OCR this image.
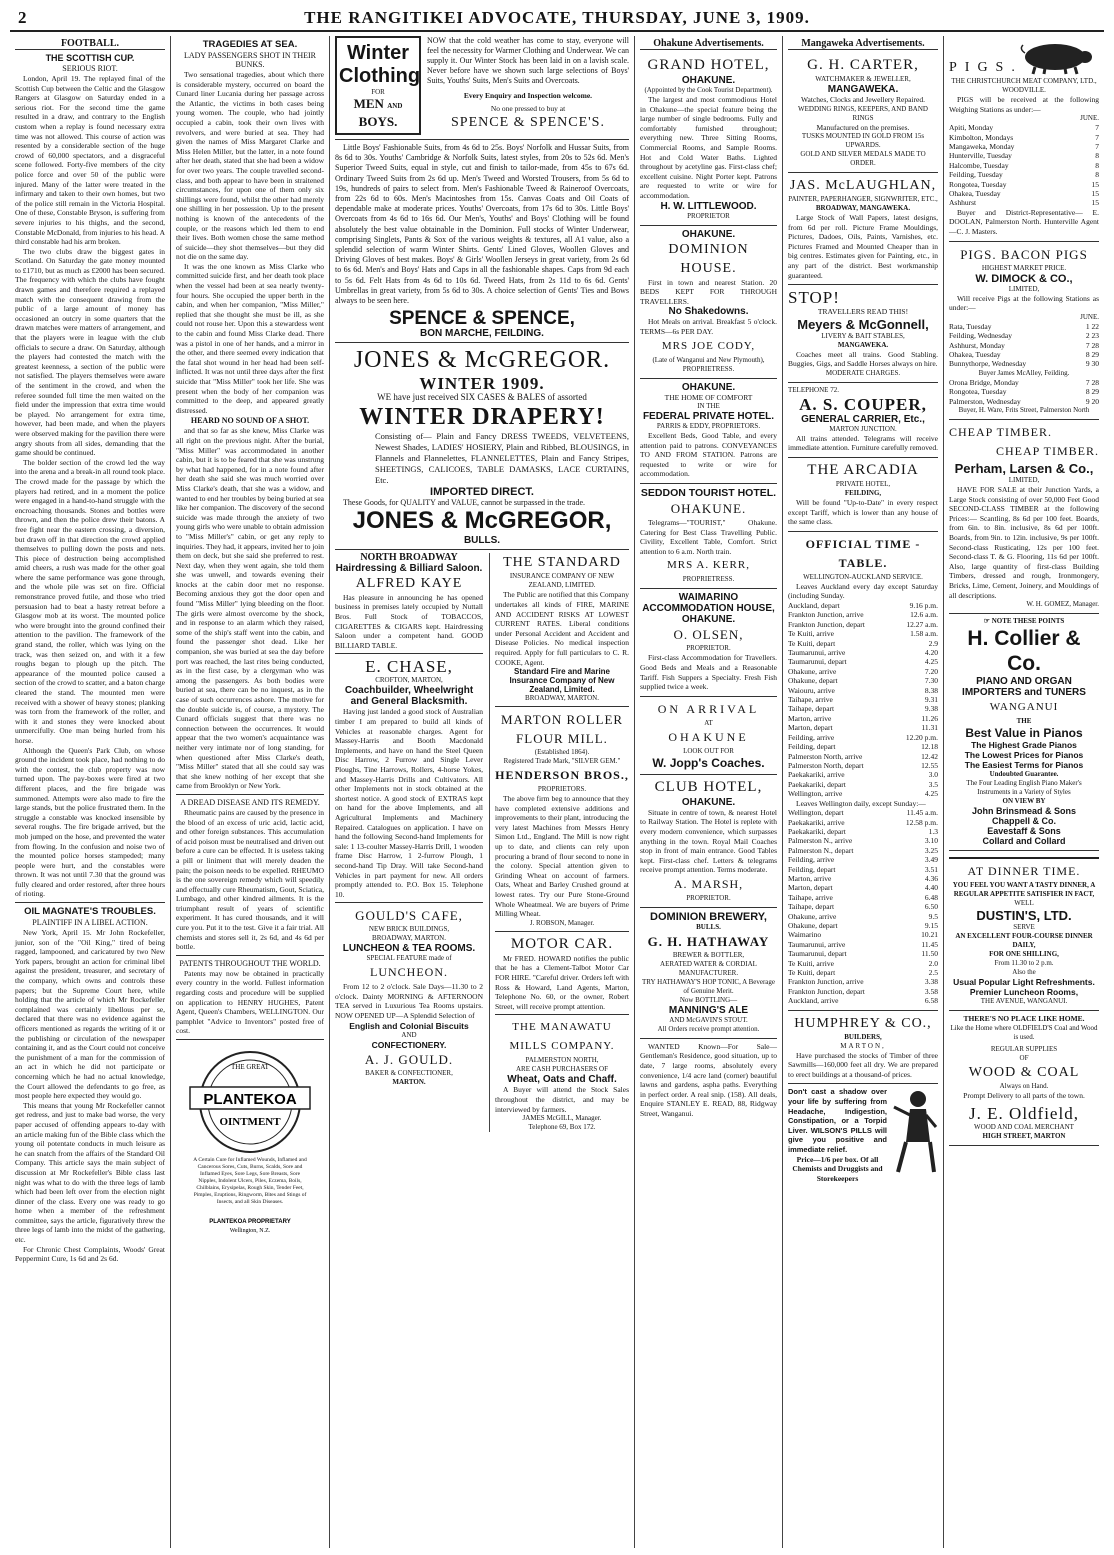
2	THE RANGITIKEI ADVOCATE, THURSDAY, JUNE 3, 1909.
FOOTBALL.
THE SCOTTISH CUP.
SERIOUS RIOT.

London, April 19. The replayed final of the Scottish Cup between the Celtic and the Glasgow Rangers at Glasgow on Saturday ended in a serious riot. For the second time the game resulted in a draw, and contrary to the English custom when a replay is found necessary extra time was not allowed. This course of action was resented by a considerable section of the huge crowd of 60,000 spectators, and a disgraceful scene followed. Forty-five members of the city police force and over 50 of the public were injured. Many of the latter were treated in the infirmary and taken to their own homes, but two of the police still remain in the Victoria Hospital. One of these, Constable Bryson, is suffering from severe injuries to his thighs, and the second, Constable McDonald, from injuries to his head. A third constable had his arm broken.

The two clubs draw the biggest gates in Scotland. On Saturday the gate money mounted to £1710, but as much as £2000 has been secured. The frequency with which the clubs have fought drawn games and therefore required a replayed match with the consequent drawing from the public of a large amount of money has occasioned an outcry in some quarters that the drawn matches were matters of arrangement, and that the players were in league with the club officials to secure a draw. On Saturday, although the players had contested the match with the greatest keenness, a section of the public were not satisfied. The players themselves were aware of the sentiment in the crowd, and when the referee sounded full time the men waited on the field under the impression that extra time would be played. No arrangement for extra time, however, had been made, and when the players were observed making for the pavilion there were angry shouts from all sides, demanding that the game should be continued.

The bolder section of the crowd led the way into the arena and a break-in all round took place. The crowd made for the passage by which the players had retired, and in a moment the police were engaged in a hand-to-hand struggle with the encroaching thousands. Stones and bottles were thrown, and then the police drew their batons. A free fight near the eastern crossing, a diversion, but drawn off in that direction the crowd applied themselves to pulling down the posts and nets. This piece of destruction being accomplished amid cheers, a rush was made for the other goal where the same performance was gone through, and the whole pile was set on fire. Official remonstrance proved futile, and those who tried persuasion had to beat a hasty retreat before a Glasgow mob at its worst. The mounted police who were brought into the ground confined their attention to the pavilion. The framework of the grand stand, the roller, which was lying on the track, was then seized on, and with it a few roughs began to plough up the pitch. The appearance of the mounted police caused a section of the crowd to scatter, and a baton charge cleared the stand. The mounted men were received with a shower of heavy stones; planking was torn from the framework of the roller, and with it and stones they were knocked about unmercifully. One man being hurled from his horse.

Although the Queen's Park Club, on whose ground the incident took place, had nothing to do with the contest, the club property was now turned upon. The pay-boxes were fired at two different places, and the fire brigade was summoned. Attempts were also made to fire the large stands, but the police frustrated them. In the struggle a constable was knocked insensible by several roughs. The fire brigade arrived, but the mob jumped on the hose, and prevented the water from flowing. In the confusion and noise two of the mounted police horses stampeded; many people were hurt, and the constables were thrown. It was not until 7.30 that the ground was fully cleared and order restored, after three hours of rioting.

OIL MAGNATE'S TROUBLES.
PLAINTIFF IN A LIBEL ACTION.

New York, April 15. Mr John Rockefeller, junior, son of the "Oil King," tired of being ragged, lampooned, and caricatured by two New York papers, brought an action for criminal libel against the president, treasurer, and secretary of the company, which owns and controls these papers; but the Supreme Court here, while holding that the article of which Mr Rockefeller complained was certainly libellous per se, declared that there was no evidence against the officers mentioned as regards the writing of it or the publishing or circulation of the newspaper containing it, and as the Court could not conceive the punishment of a man for the commission of an act in which he did not participate or concerning which he had no actual knowledge, the Court allowed the defendants to go free, as most people here expected they would go.

This means that young Mr Rockefeller cannot get redress, and just to make bad worse, the very paper accused of offending appears to-day with an article making fun of the Bible class which the young oil potentate conducts in much leisure as he can snatch from the affairs of the Standard Oil Company. This article says the main subject of discussion at Mr Rockefeller's Bible class last night was what to do with the three legs of lamb which had been left over from the election night dinner of the class. Every one was ready to go home when a member of the refreshment committee, says the article, figuratively threw the three legs of lamb into the midst of the gathering, etc.

For Chronic Chest Complaints, Woods' Great Peppermint Cure, 1s 6d and 2s 6d.

TRAGEDIES AT SEA.
LADY PASSENGERS SHOT IN THEIR BUNKS.

Two sensational tragedies, about which there is considerable mystery, occurred on board the Cunard liner Lucania during her passage across the Atlantic, the victims in both cases being young women. The couple, who had jointly occupied a cabin, took their own lives with revolvers, and were buried at sea. They had given the names of Miss Margaret Clarke and Miss Helen Miller, but the latter, in a note found after her death, stated that she had been a widow for over two years. The couple travelled second-class, and both appear to have been in straitened circumstances, for upon one of them only six shillings were found, whilst the other had merely one shilling in her possession. Up to the present nothing is known of the antecedents of the couple, or the reasons which led them to end their lives. Both women chose the same method of suicide—they shot themselves—but they did not die on the same day.

It was the one known as Miss Clarke who committed suicide first, and her death took place when the vessel had been at sea nearly twenty-four hours. She occupied the upper berth in the cabin, and when her companion, "Miss Miller," replied that she thought she must be ill, as she could not rouse her. Upon this a stewardess went to the cabin and found Miss Clarke dead. There was a pistol in one of her hands, and a mirror in the other, and there seemed every indication that the fatal shot wound in her head had been self-inflicted. It was not until three days after the first suicide that "Miss Miller" took her life. She was present when the body of her companion was committed to the deep, and appeared greatly distressed.

HEARD NO SOUND OF A SHOT.

and that so far as she knew, Miss Clarke was all right on the previous night. After the burial, "Miss Miller" was accommodated in another cabin, but it is to be feared that she was unstrung by what had happened, for in a note found after her death she said she was much worried over Miss Clarke's death, that she was a widow, and wanted to end her troubles by being buried at sea like her companion. The discovery of the second suicide was made through the anxiety of two young girls who were unable to obtain admission to "Miss Miller's" cabin, or get any reply to inquiries. They had, it appears, invited her to join them on deck, but she said she preferred to rest. Next day, when they went again, she told them she was unwell, and towards evening their knocks at the cabin door met no response. Becoming anxious they got the door open and found "Miss Miller" lying bleeding on the floor. The girls were almost overcome by the shock, and in response to an alarm which they raised, some of the ship's staff went into the cabin, and found the passenger shot dead. Like her companion, she was buried at sea the day before port was reached, the last rites being conducted, as in the first case, by a clergyman who was among the passengers. As both bodies were buried at sea, there can be no inquest, as in the case of such occurrences ashore. The motive for the double suicide is, of course, a mystery. The Cunard officials suggest that there was no connection between the occurrences. It would appear that the two women's acquaintance was neither very intimate nor of long standing, for when questioned after Miss Clarke's death, "Miss Miller" stated that all she could say was that she knew nothing of her except that she came from Brooklyn or New York.

A DREAD DISEASE AND ITS REMEDY.

Rheumatic pains are caused by the presence in the blood of an excess of uric acid, lactic acid, and other foreign substances. This accumulation of acid poison must be neutralised and driven out before a cure can be effected. It is useless taking a pill or liniment that will merely deaden the pain; the poison needs to be expelled. RHEUMO is the one sovereign remedy which will speedily and effectually cure Rheumatism, Gout, Sciatica, Lumbago, and other kindred ailments. It is the triumphant result of years of scientific experiment. It has cured thousands, and it will cure you. Put it to the test. Give it a fair trial. All chemists and stores sell it, 2s 6d, and 4s 6d per bottle.

PATENTS THROUGHOUT THE WORLD.

Patents may now be obtained in practically every country in the world. Fullest information regarding costs and procedure will be supplied on application to HENRY HUGHES, Patent Agent, Queen's Chambers, WELLINGTON. Our pamphlet "Advice to Inventors" posted free of cost.

THE GREAT
PLANTEKOA
OINTMENT
A Certain Cure for Inflamed Wounds, Inflamed and Cancerous Sores, Cuts, Burns, Scalds, Sore and Inflamed Eyes, Sore Legs, Sore Breasts, Sore Nipples, Indolent Ulcers, Piles, Eczema, Boils, Chilblains, Erysipelas, Rough Skin, Tender Feet, Pimples, Eruptions, Ringworm, Bites and Stings of Insects, and all Skin Diseases.
PLANTEKOA PROPRIETARY
Wellington, N.Z.
Winter
Clothing
FOR
MEN AND
BOYS.

NOW that the cold weather has come to stay, everyone will feel the necessity for Warmer Clothing and Underwear. We can supply it. Our Winter Stock has been laid in on a lavish scale. Never before have we shown such large selections of Boys' Suits, Youths' Suits, Men's Suits and Overcoats.

Every Enquiry and Inspection welcome.
No one pressed to buy at
SPENCE & SPENCE'S.

Little Boys' Fashionable Suits, from 4s 6d to 25s. Boys' Norfolk and Hussar Suits, from 8s 6d to 30s. Youths' Cambridge & Norfolk Suits, latest styles, from 20s to 52s 6d. Men's Superior Tweed Suits, equal in style, cut and finish to tailor-made, from 45s to 67s 6d. Ordinary Tweed Suits from 2s 6d up. Men's Tweed and Worsted Trousers, from 5s 6d to 19s, hundreds of pairs to select from. Men's Fashionable Tweed & Raineroof Overcoats, from 22s 6d to 60s. Men's Macintoshes from 15s. Canvas Coats and Oil Coats of dependable make at moderate prices. Youths' Overcoats, from 17s 6d to 30s. Little Boys' Overcoats from 4s 6d to 16s 6d. Our Men's, Youths' and Boys' Clothing will be found absolutely the best value obtainable in the Dominion. Full stocks of Winter Underwear, comprising Singlets, Pants & Sox of the various weights & textures, all A1 value, also a splendid selection of warm Winter Shirts. Gents' Lined Gloves, Woollen Gloves and Driving Gloves of best makes. Boys' & Girls' Woollen Jerseys in great variety, from 2s 6d to 6s 6d. Men's and Boys' Hats and Caps in all the fashionable shapes. Caps from 9d each to 5s 6d. Felt Hats from 4s 6d to 10s 6d. Tweed Hats, from 2s 11d to 6s 6d. Gents' Umbrellas in great variety, from 5s 6d to 30s. A choice selection of Gents' Ties and Bows always to be seen here.

SPENCE & SPENCE,
BON MARCHE, FEILDING.
JONES & McGREGOR.
WINTER 1909.
WE have just received SIX CASES & BALES of assorted
WINTER DRAPERY!

Consisting of— Plain and Fancy DRESS TWEEDS, VELVETEENS, Newest Shades, LADIES' HOSIERY, Plain and Ribbed, BLOUSINGS, in Flannels and Flannelettes, FLANNELETTES, Plain and Fancy Stripes, SHEETINGS, CALICOES, TABLE DAMASKS, LACE CURTAINS, Etc.

IMPORTED DIRECT.

These Goods, for QUALITY and VALUE, cannot be surpassed in the trade.

JONES & McGREGOR,
BULLS.
NORTH BROADWAY
Hairdressing & Billiard Saloon.
ALFRED KAYE

Has pleasure in announcing he has opened business in premises lately occupied by Nuttall Bros. Full Stock of TOBACCOS, CIGARETTES & CIGARS kept. Hairdressing Saloon under a competent hand. GOOD BILLIARD TABLE.

E. CHASE,
CROFTON, MARTON,
Coachbuilder, Wheelwright and General Blacksmith.

Having just landed a good stock of Australian timber I am prepared to build all kinds of Vehicles at reasonable charges. Agent for Massey-Harris and Booth Macdonald Implements, and have on hand the Steel Queen Disc Harrow, 2 Furrow and Single Lever Ploughs, Tine Harrows, Rollers, 4-horse Yokes, and Massey-Harris Drills and Cultivators. All other Implements not in stock obtained at the shortest notice. A good stock of EXTRAS kept on hand for the above Implements, and all Agricultural Implements and Machinery Repaired. Catalogues on application. I have on hand the following Second-hand Implements for sale: 1 13-coulter Massey-Harris Drill, 1 wooden frame Disc Harrow, 1 2-furrow Plough, 1 second-hand Tip Dray. Will take Second-hand Vehicles in part payment for new. All orders promptly attended to. P.O. Box 15. Telephone 10.

GOULD'S CAFE,
NEW BRICK BUILDINGS,
BROADWAY, MARTON.
LUNCHEON & TEA ROOMS.
SPECIAL FEATURE made of
LUNCHEON.

From 12 to 2 o'clock. Sale Days—11.30 to 2 o'clock. Dainty MORNING & AFTERNOON TEA served in Luxurious Tea Rooms upstairs. NOW OPENED UP—A Splendid Selection of

English and Colonial Biscuits
AND
CONFECTIONERY.
A. J. GOULD.
BAKER & CONFECTIONER,
MARTON.
THE STANDARD
INSURANCE COMPANY OF NEW ZEALAND, LIMITED.

The Public are notified that this Company undertakes all kinds of FIRE, MARINE AND ACCIDENT RISKS AT LOWEST CURRENT RATES. Liberal conditions under Personal Accident and Accident and Disease Policies. No medical inspection required. Apply for full particulars to C. R. COOKE, Agent.

Standard Fire and Marine Insurance Company of New Zealand, Limited.
BROADWAY, MARTON.
MARTON ROLLER FLOUR MILL.
(Established 1864).
Registered Trade Mark, "SILVER GEM."
HENDERSON BROS.,
PROPRIETORS.

The above firm beg to announce that they have completed extensive additions and improvements to their plant, introducing the very latest Machines from Messrs Henry Simon Ltd., England. The Mill is now right up to date, and clients can rely upon procuring a brand of flour second to none in the colony. Special attention given to Grinding Wheat on account of farmers. Oats, Wheat and Barley Crushed ground at lowest rates. Try our Pure Stone-Ground Whole Wheatmeal. We are buyers of Prime Milling Wheat.

J. ROBSON, Manager.
MOTOR CAR.

Mr FRED. HOWARD notifies the public that he has a Clement-Talbot Motor Car FOR HIRE. "Careful driver. Orders left with Ross & Howard, Land Agents, Marton, Telephone No. 60, or the owner, Robert Street, will receive prompt attention.

THE MANAWATU MILLS COMPANY.
PALMERSTON NORTH,
ARE CASH PURCHASERS OF
Wheat, Oats and Chaff.

A Buyer will attend the Stock Sales throughout the district, and may be interviewed by farmers.

JAMES McGILL, Manager.
Telephone 69, Box 172.
Ohakune Advertisements.
GRAND HOTEL,
OHAKUNE.
(Appointed by the Cook Tourist Department).

The largest and most commodious Hotel in Ohakune—the special feature being the large number of single bedrooms. Fully and comfortably furnished throughout; everything new. Three Sitting Rooms, Commercial Rooms, and Sample Rooms. Hot and Cold Water Baths. Lighted throughout by acetyline gas. First-class chef; excellent cuisine. Night Porter kept. Patrons are requested to write or wire for accommodation.

H. W. LITTLEWOOD.
PROPRIETOR
OHAKUNE.
DOMINION HOUSE.

First in town and nearest Station. 20 BEDS KEPT FOR THROUGH TRAVELLERS.

No Shakedowns.

Hot Meals on arrival. Breakfast 5 o'clock. TERMS—6s PER DAY.

MRS JOE CODY,
(Late of Wanganui and New Plymouth), PROPRIETRESS.
OHAKUNE.
THE HOME OF COMFORT
IN THE
FEDERAL PRIVATE HOTEL.
PARRIS & EDDY, PROPRIETORS.

Excellent Beds, Good Table, and every attention paid to patrons. CONVEYANCES TO AND FROM STATION. Patrons are requested to write or wire for accommodation.

SEDDON TOURIST HOTEL.
OHAKUNE.

Telegrams—"TOURIST," Ohakune. Catering for Best Class Travelling Public. Civility, Excellent Table, Comfort. Strict attention to 6 a.m. North train.

MRS A. KERR,
PROPRIETRESS.
WAIMARINO ACCOMMODATION HOUSE,
OHAKUNE.
O. OLSEN,
PROPRIETOR.

First-class Accommodation for Travellers. Good Beds and Meals and a Reasonable Tariff. Fish Suppers a Specialty. Fresh Fish supplied twice a week.

ON ARRIVAL
AT
OHAKUNE
LOOK OUT FOR
W. Jopp's Coaches.
CLUB HOTEL,
OHAKUNE.

Situate in centre of town, & nearest Hotel to Railway Station. The Hotel is replete with every modern convenience, which surpasses anything in the town. Royal Mail Coaches stop in front of main entrance. Good Tables kept. First-class chef. Letters & telegrams receive prompt attention. Terms moderate.

A. MARSH,
PROPRIETOR.
DOMINION BREWERY,
BULLS.
G. H. HATHAWAY
BREWER & BOTTLER,
AERATED WATER & CORDIAL MANUFACTURER.
TRY HATHAWAY'S HOP TONIC, A Beverage of Genuine Merit.
Now BOTTLING—
MANNING'S ALE
AND McGAVIN'S STOUT.
All Orders receive prompt attention.

WANTED Known—For Sale—Gentleman's Residence, good situation, up to date, 7 large rooms, absolutely every convenience, 1/4 acre land (corner) beautiful lawns and gardens, aspha paths. Everything in perfect order. A real snip. (158). All deals, Enquire STANLEY E. READ, 88, Ridgway Street, Wanganui.

Mangaweka Advertisements.
G. H. CARTER,
WATCHMAKER & JEWELLER,
MANGAWEKA.
Watches, Clocks and Jewellery Repaired.
WEDDING RINGS, KEEPERS, AND BAND RINGS
Manufactured on the premises.
TUSKS MOUNTED IN GOLD FROM 15s UPWARDS.
GOLD AND SILVER MEDALS MADE TO ORDER.
JAS. McLAUGHLAN,
PAINTER, PAPERHANGER, SIGNWRITER, ETC.,
BROADWAY, MANGAWEKA.

Large Stock of Wall Papers, latest designs, from 6d per roll. Picture Frame Mouldings, Pictures, Dadoes, Oils, Paints, Varnishes, etc. Pictures Framed and Mounted Cheaper than in big centres. Estimates given for Painting, etc., in any part of the district. Best workmanship guaranteed.

STOP!
TRAVELLERS READ THIS!
Meyers & McGonnell,
LIVERY & BAIT STABLES,
MANGAWEKA.

Coaches meet all trains. Good Stabling. Buggies, Gigs, and Saddle Horses always on hire.

MODERATE CHARGES.
TELEPHONE 72.
A. S. COUPER,
GENERAL CARRIER, Etc.,
MARTON JUNCTION.

All trains attended. Telegrams will receive immediate attention. Furniture carefully removed.

THE ARCADIA
PRIVATE HOTEL,
FEILDING,

Will be found "Up-to-Date" in every respect except Tariff, which is lower than any house of the same class.

OFFICIAL TIME - TABLE.
WELLINGTON-AUCKLAND SERVICE.

Leaves Auckland every day except Saturday (including Sunday.

Auckland, depart	9.16 p.m.
Frankton Junction, arrive	12.6 a.m.
Frankton Junction, depart	12.27 a.m.
Te Kuiti, arrive	1.58 a.m.
Te Kuiti, depart	2.9
Taumarunui, arrive	4.20
Taumarunui, depart	4.25
Ohakune, arrive	7.20
Ohakune, depart	7.30
Waiouru, arrive	8.38
Taihape, arrive	9.31
Taihape, depart	9.38
Marton, arrive	11.26
Marton, depart	11.31
Feilding, arrive	12.20 p.m.
Feilding, depart	12.18
Palmerston North, arrive	12.42
Palmerston North, depart	12.55
Paekakariki, arrive	3.0
Paekakariki, depart	3.5
Wellington, arrive	4.25

Leaves Wellington daily, except Sunday:—

Wellington, depart	11.45 a.m.
Paekakariki, arrive	12.58 p.m.
Paekakariki, depart	1.3
Palmerston N., arrive	3.10
Palmerston N., depart	3.25
Feilding, arrive	3.49
Feilding, depart	3.51
Marton, arrive	4.36
Marton, depart	4.40
Taihape, arrive	6.48
Taihape, depart	6.50
Ohakune, arrive	9.5
Ohakune, depart	9.15
Waimarino	10.21
Taumarunui, arrive	11.45
Taumarunui, depart	11.50
Te Kuiti, arrive	2.0
Te Kuiti, depart	2.5
Frankton Junction, arrive	3.38
Frankton Junction, depart	3.58
Auckland, arrive	6.58
HUMPHREY & CO.,
BUILDERS,
MARTON,

Have purchased the stocks of Timber of three Sawmills—160,000 feet all dry. We are prepared to erect buildings at a thousand-of prices.

Don't cast a shadow over your life by suffering from Headache, Indigestion, Constipation, or a Torpid Liver. WILSON'S PILLS will give you positive and immediate relief.

Price—1/6 per box. Of all Chemists and Druggists and Storekeepers

PIGS.
THE CHRISTCHURCH MEAT COMPANY, LTD., WOODVILLE.

PIGS will be received at the following Weighing Stations as under:—

JUNE.
Apiti, Monday	7
Kimbolton, Mondays	7
Mangaweka, Monday	7
Hunterville, Tuesday	8
Halcombe, Tuesday	8
Feilding, Tuesday	8
Rongotea, Tuesday	15
Ohakea, Tuesday	15
Ashhurst	15

Buyer and District-Representative— E. DOOLAN, Palmerston North. Hunterville Agent—C. J. Masters.

PIGS. BACON PIGS
HIGHEST MARKET PRICE.
W. DIMOCK & CO.,
LIMITED,

Will receive Pigs at the following Stations as under:—

JUNE.
Rata, Tuesday	1 22
Feilding, Wednesday	2 23
Ashhurst, Monday	7 28
Ohakea, Tuesday	8 29
Bunnythorpe, Wednesday	9 30
Buyer James McAlley, Feilding.
Orona Bridge, Monday	7 28
Rongotea, Tuesday	8 29
Palmerston, Wednesday	9 20
Buyer, H. Ware, Frits Street, Palmerston North
CHEAP TIMBER.
CHEAP TIMBER.
Perham, Larsen & Co.,
LIMITED,

HAVE FOR SALE at their Junction Yards, a Large Stock consisting of over 50,000 Feet Good SECOND-CLASS TIMBER at the following Prices:— Scantling, 8s 6d per 100 feet. Boards, from 6in. to 8in. inclusive, 8s 6d per 100ft. Boards, from 9in. to 12in. inclusive, 9s per 100ft. Second-class Rusticating, 12s per 100 feet. Second-class T. & G. Flooring, 11s 6d per 100ft. Also, large quantity of first-class Building Timbers, dressed and rough, Ironmongery, Bricks, Lime, Cement, Joinery, and Mouldings of all descriptions.

W. H. GOMEZ, Manager.
☞ NOTE THESE POINTS
H. Collier & Co.
PIANO AND ORGAN
IMPORTERS and TUNERS
WANGANUI
THE
Best Value in Pianos
The Highest Grade Pianos
The Lowest Prices for Pianos
The Easiest Terms for Pianos
Undoubted Guarantee.
The Four Leading English Piano Maker's Instruments in a Variety of Styles
ON VIEW BY
John Brinsmead & Sons
Chappell & Co.
Eavestaff & Sons
Collard and Collard
AT DINNER TIME.
YOU FEEL YOU WANT A TASTY DINNER, A REGULAR APPETITE SATISFIER IN FACT,
WELL
DUSTIN'S, LTD.
SERVE
AN EXCELLENT FOUR-COURSE DINNER DAILY,
FOR ONE SHILLING,
From 11.30 to 2 p.m.
Also the
Usual Popular Light Refreshments.
Premier Luncheon Rooms,
THE AVENUE, WANGANUI.
THERE'S NO PLACE LIKE HOME.
Like the Home where OLDFIELD'S Coal and Wood is used.
REGULAR SUPPLIES
OF
WOOD & COAL
Always on Hand.
Prompt Delivery to all parts of the town.
J. E. Oldfield,
WOOD AND COAL MERCHANT
HIGH STREET, MARTON
